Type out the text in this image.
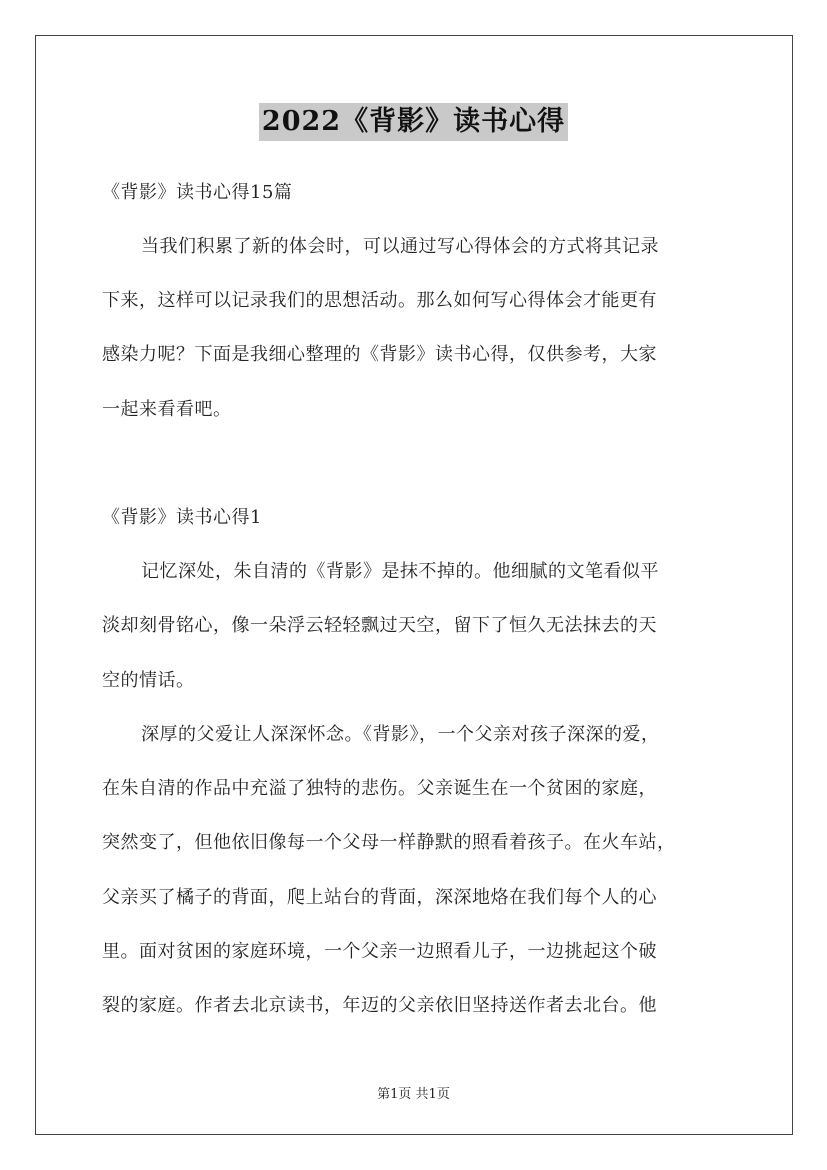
2022《背影》读书心得
《背影》读书心得15篇
当我们积累了新的体会时，可以通过写心得体会的方式将其记录
下来，这样可以记录我们的思想活动。那么如何写心得体会才能更有
感染力呢？下面是我细心整理的《背影》读书心得，仅供参考，大家
一起来看看吧。
《背影》读书心得1
记忆深处，朱自清的《背影》是抹不掉的。他细腻的文笔看似平
淡却刻骨铭心，像一朵浮云轻轻飘过天空，留下了恒久无法抹去的天
空的情话。
深厚的父爱让人深深怀念。《背影》，一个父亲对孩子深深的爱，
在朱自清的作品中充溢了独特的悲伤。父亲诞生在一个贫困的家庭，
突然变了，但他依旧像每一个父母一样静默的照看着孩子。在火车站，
父亲买了橘子的背面，爬上站台的背面，深深地烙在我们每个人的心
里。面对贫困的家庭环境，一个父亲一边照看儿子，一边挑起这个破
裂的家庭。作者去北京读书，年迈的父亲依旧坚持送作者去北台。他
第1页 共1页
